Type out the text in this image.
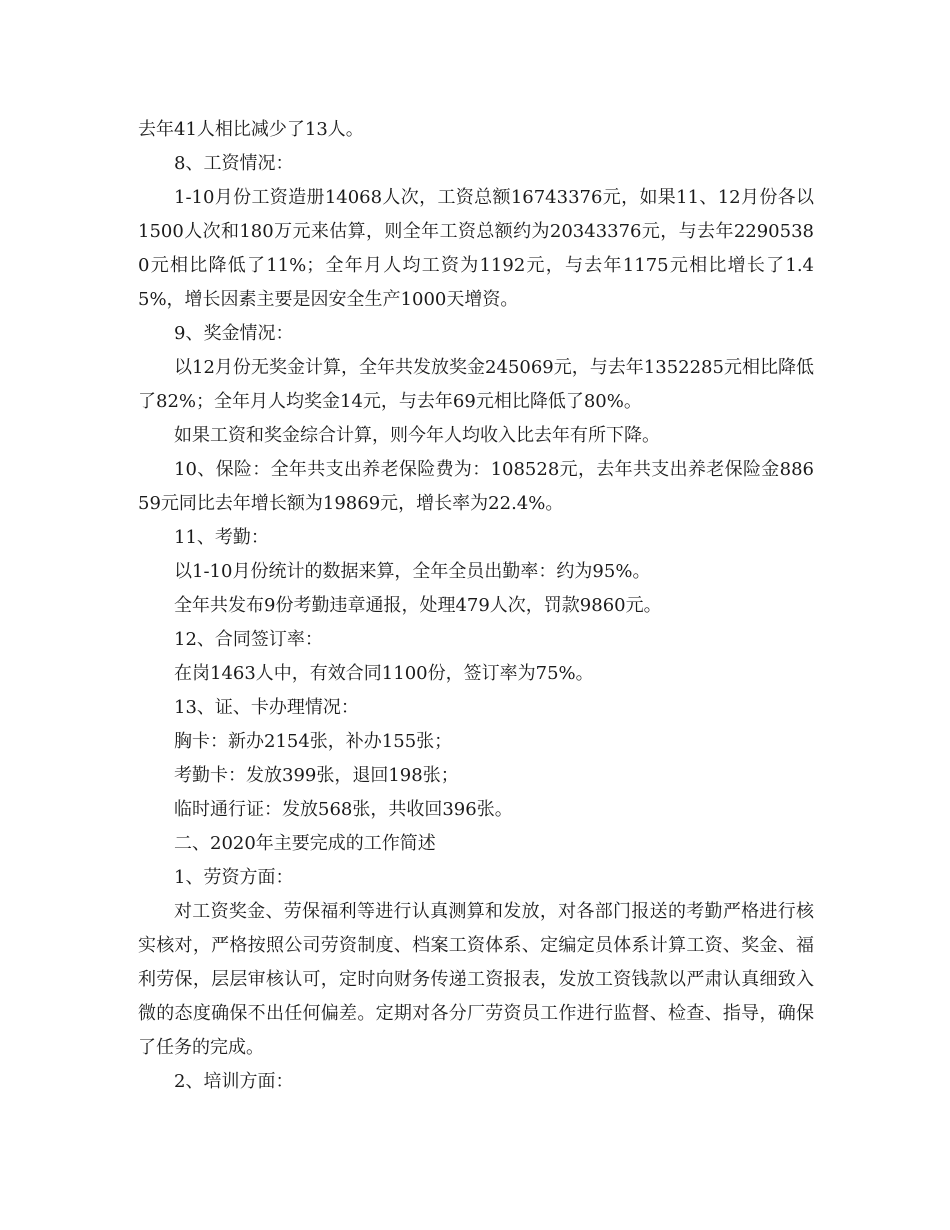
去年41人相比减少了13人。

8、工资情况：

1-10月份工资造册14068人次，工资总额16743376元，如果11、12月份各以1500人次和180万元来估算，则全年工资总额约为20343376元，与去年22905380元相比降低了11%；全年月人均工资为1192元，与去年1175元相比增长了1.45%，增长因素主要是因安全生产1000天增资。

9、奖金情况：

以12月份无奖金计算，全年共发放奖金245069元，与去年1352285元相比降低了82%；全年月人均奖金14元，与去年69元相比降低了80%。

如果工资和奖金综合计算，则今年人均收入比去年有所下降。

10、保险：全年共支出养老保险费为：108528元，去年共支出养老保险金88659元同比去年增长额为19869元，增长率为22.4%。

11、考勤：

以1-10月份统计的数据来算，全年全员出勤率：约为95%。

全年共发布9份考勤违章通报，处理479人次，罚款9860元。

12、合同签订率：

在岗1463人中，有效合同1100份，签订率为75%。

13、证、卡办理情况：

胸卡：新办2154张，补办155张；

考勤卡：发放399张，退回198张；

临时通行证：发放568张，共收回396张。

二、2020年主要完成的工作简述

1、劳资方面：

对工资奖金、劳保福利等进行认真测算和发放，对各部门报送的考勤严格进行核实核对，严格按照公司劳资制度、档案工资体系、定编定员体系计算工资、奖金、福利劳保，层层审核认可，定时向财务传递工资报表，发放工资钱款以严肃认真细致入微的态度确保不出任何偏差。定期对各分厂劳资员工作进行监督、检查、指导，确保了任务的完成。

2、培训方面：
